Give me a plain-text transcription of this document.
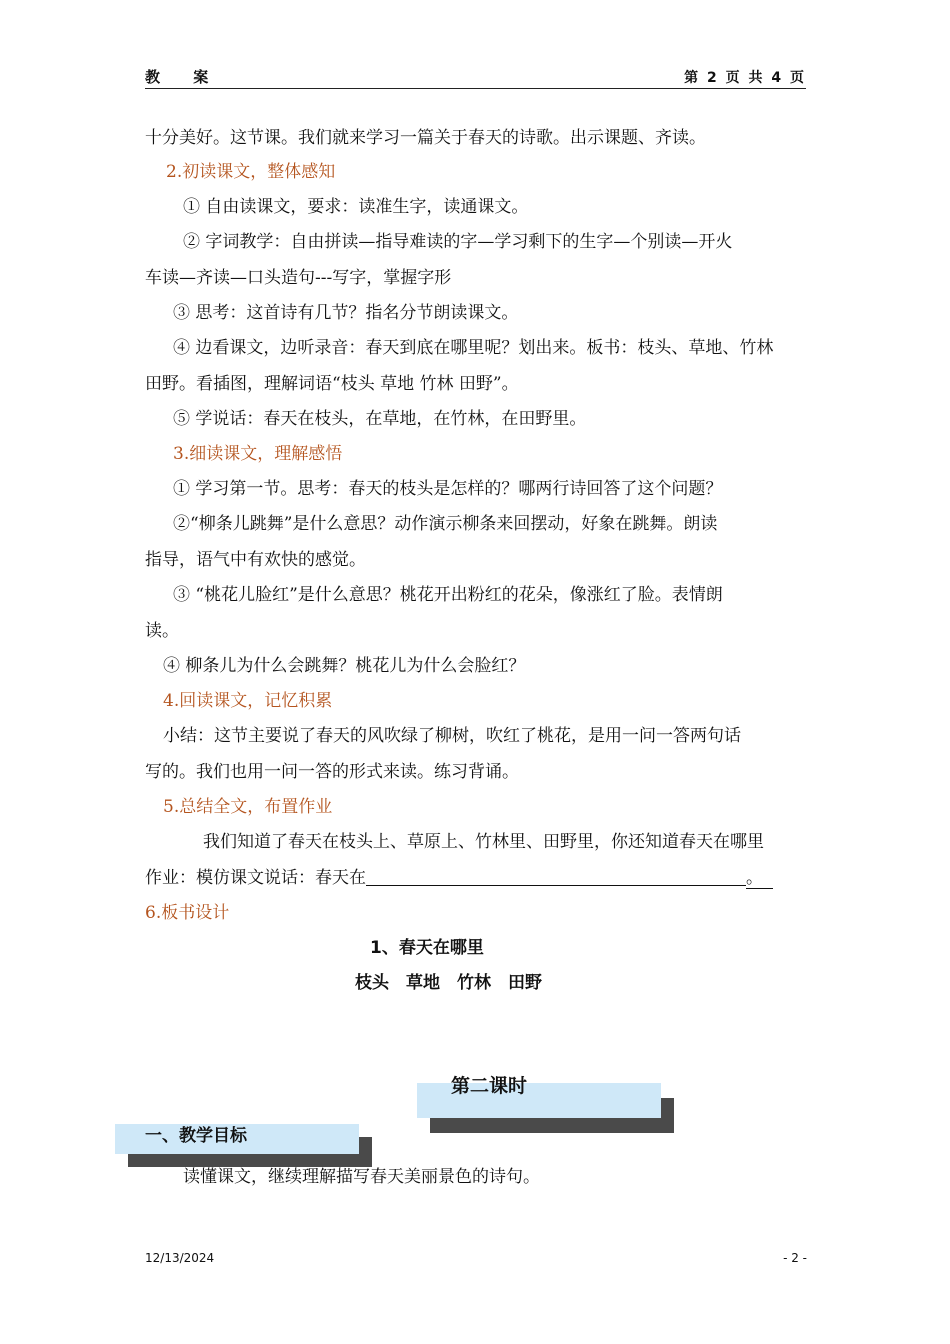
教 案	第 2 页 共 4 页
十分美好。这节课。我们就来学习一篇关于春天的诗歌。出示课题、齐读。
2.初读课文，整体感知
① 自由读课文，要求：读准生字，读通课文。
② 字词教学：自由拼读—指导难读的字—学习剩下的生字—个别读—开火
车读—齐读—口头造句---写字，掌握字形
③ 思考：这首诗有几节？指名分节朗读课文。
④ 边看课文，边听录音：春天到底在哪里呢？划出来。板书：枝头、草地、竹林
田野。看插图，理解词语“枝头 草地 竹林 田野”。
⑤ 学说话：春天在枝头，在草地，在竹林，在田野里。
3.细读课文，理解感悟
① 学习第一节。思考：春天的枝头是怎样的？哪两行诗回答了这个问题？
②“柳条儿跳舞”是什么意思？动作演示柳条来回摆动，好象在跳舞。朗读
指导，语气中有欢快的感觉。
③ “桃花儿脸红”是什么意思？桃花开出粉红的花朵，像涨红了脸。表情朗
读。
④ 柳条儿为什么会跳舞？桃花儿为什么会脸红？
4.回读课文，记忆积累
小结：这节主要说了春天的风吹绿了柳树，吹红了桃花，是用一问一答两句话
写的。我们也用一问一答的形式来读。练习背诵。
5.总结全文，布置作业
我们知道了春天在枝头上、草原上、竹林里、田野里，你还知道春天在哪里
作业：模仿课文说话：春天在	。
6.板书设计
1、春天在哪里
枝头　草地　竹林　田野
第二课时
一、教学目标
读懂课文，继续理解描写春天美丽景色的诗句。
12/13/2024	- 2 -
